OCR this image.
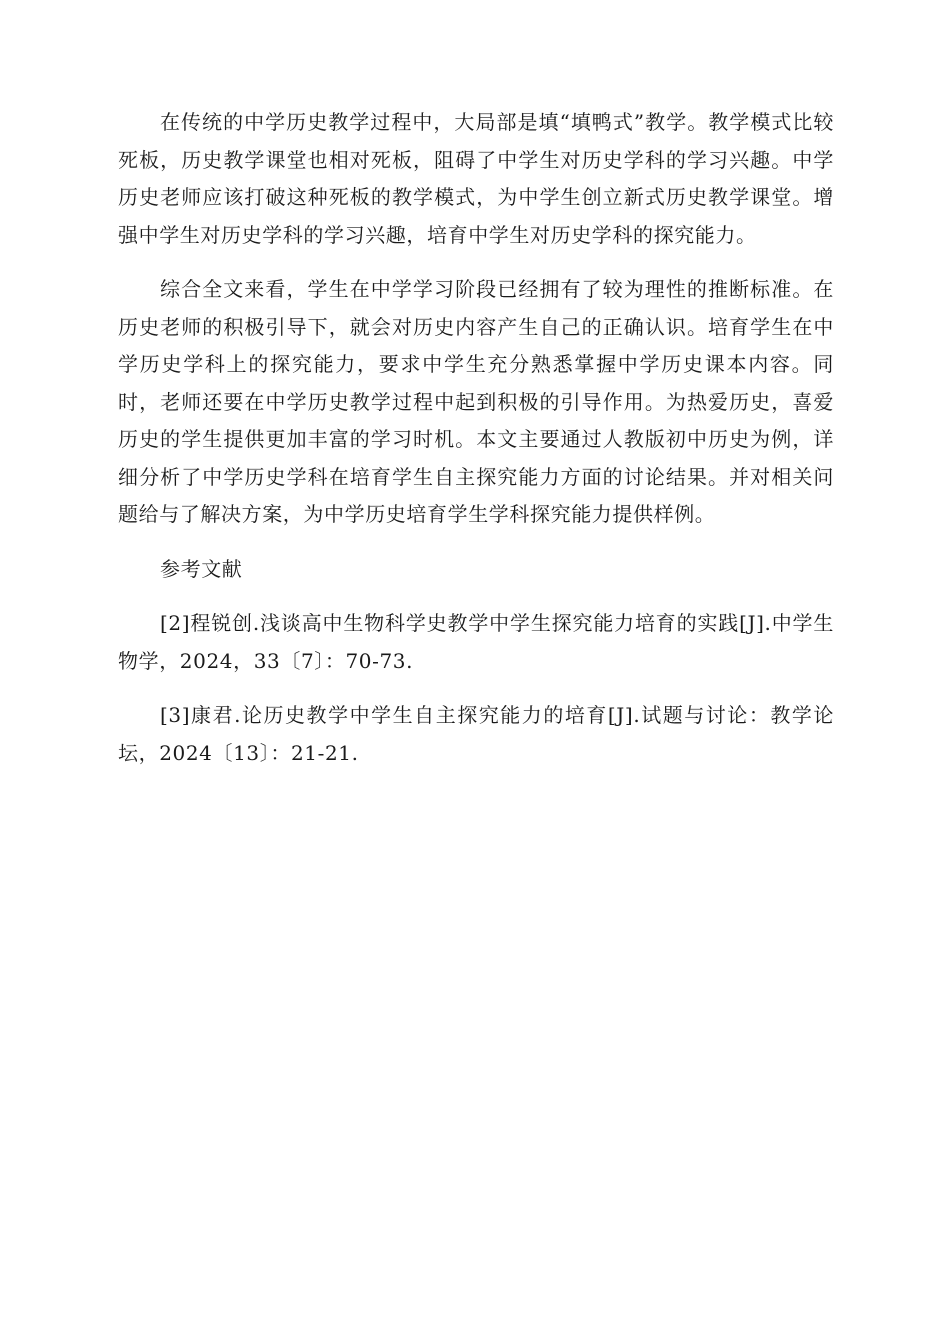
在传统的中学历史教学过程中，大局部是填“填鸭式”教学。教学模式比较死板，历史教学课堂也相对死板，阻碍了中学生对历史学科的学习兴趣。中学历史老师应该打破这种死板的教学模式，为中学生创立新式历史教学课堂。增强中学生对历史学科的学习兴趣，培育中学生对历史学科的探究能力。

综合全文来看，学生在中学学习阶段已经拥有了较为理性的推断标准。在历史老师的积极引导下，就会对历史内容产生自己的正确认识。培育学生在中学历史学科上的探究能力，要求中学生充分熟悉掌握中学历史课本内容。同时，老师还要在中学历史教学过程中起到积极的引导作用。为热爱历史，喜爱历史的学生提供更加丰富的学习时机。本文主要通过人教版初中历史为例，详细分析了中学历史学科在培育学生自主探究能力方面的讨论结果。并对相关问题给与了解决方案，为中学历史培育学生学科探究能力提供样例。

参考文献

[2]程锐创.浅谈高中生物科学史教学中学生探究能力培育的实践[J].中学生物学，2024，33〔7〕：70-73.

[3]康君.论历史教学中学生自主探究能力的培育[J].试题与讨论：教学论坛，2024〔13〕：21-21.
